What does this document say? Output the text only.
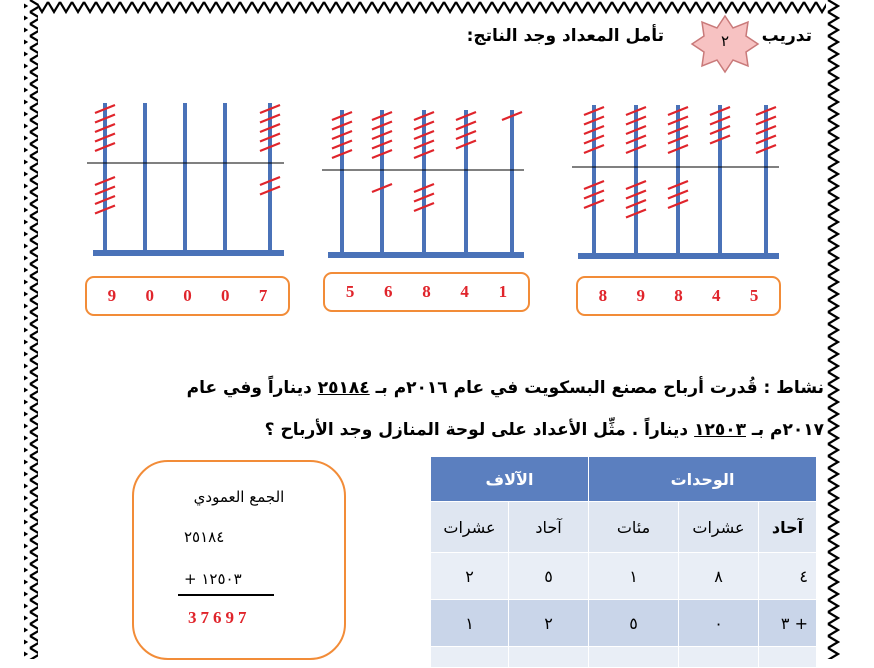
تدريب
تأمل المعداد وجد الناتج:	٢
9 0 0 0 7	5 6 8 4 1	8 9 8 4 5
نشاط : قُدرت أرباح مصنع البسكويت في عام ٢٠١٦م بـ ٢٥١٨٤ ديناراً وفي عام
٢٠١٧م بـ ١٢٥٠٣ ديناراً . مثِّل الأعداد على لوحة المنازل وجد الأرباح ؟
الجمع العمودي
٢٥١٨٤
١٢٥٠٣ +
37697
الآلاف		الوحدات		
عشرات	آحاد	مئات	عشرات	آحاد
٢	٥	١	٨	٤
١	٢	٥	٠	٣ +
